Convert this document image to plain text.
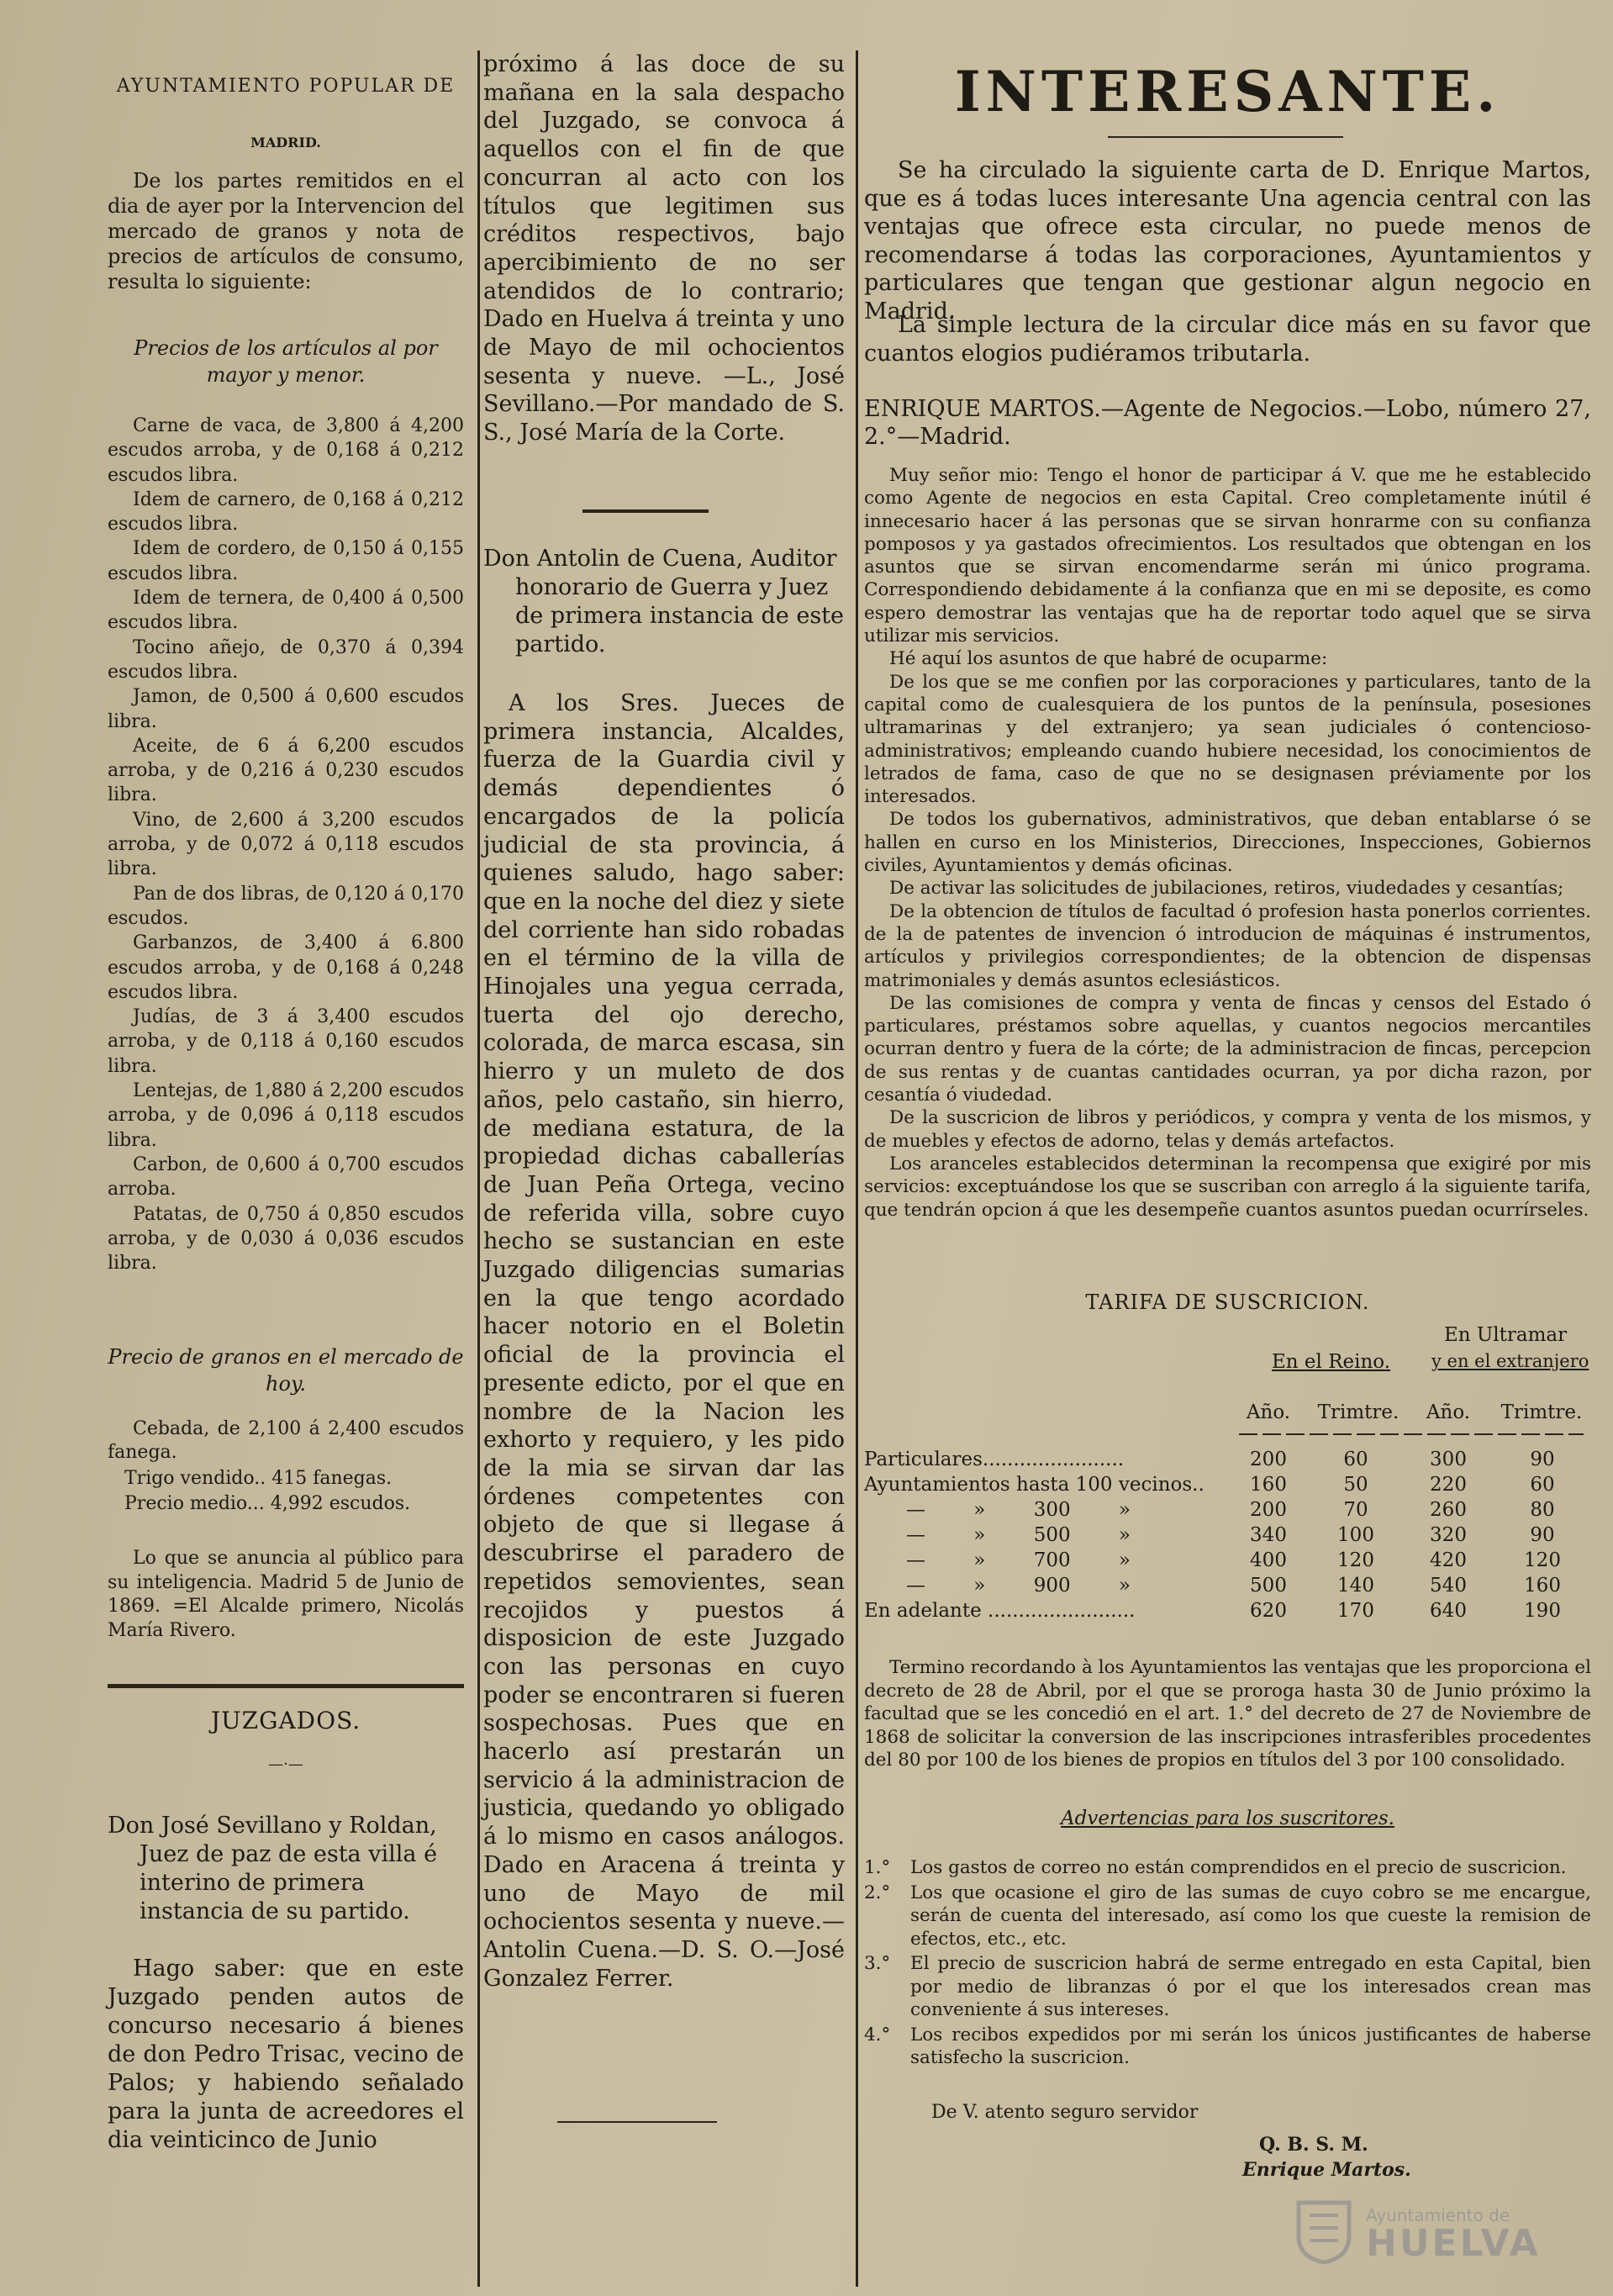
AYUNTAMIENTO POPULAR DE
MADRID.

De los partes remitidos en el dia de ayer por la Intervencion del mercado de granos y nota de precios de artículos de consumo, resulta lo siguiente:

Precios de los artículos al por mayor y menor.

Carne de vaca, de 3,800 á 4,200 escudos arroba, y de 0,168 á 0,212 escudos libra.

Idem de carnero, de 0,168 á 0,212 escudos libra.

Idem de cordero, de 0,150 á 0,155 escudos libra.

Idem de ternera, de 0,400 á 0,500 escudos libra.

Tocino añejo, de 0,370 á 0,394 escudos libra.

Jamon, de 0,500 á 0,600 escudos libra.

Aceite, de 6 á 6,200 escudos arroba, y de 0,216 á 0,230 escudos libra.

Vino, de 2,600 á 3,200 escudos arroba, y de 0,072 á 0,118 escudos libra.

Pan de dos libras, de 0,120 á 0,170 escudos.

Garbanzos, de 3,400 á 6.800 escudos arroba, y de 0,168 á 0,248 escudos libra.

Judías, de 3 á 3,400 escudos arroba, y de 0,118 á 0,160 escudos libra.

Lentejas, de 1,880 á 2,200 escudos arroba, y de 0,096 á 0,118 escudos libra.

Carbon, de 0,600 á 0,700 escudos arroba.

Patatas, de 0,750 á 0,850 escudos arroba, y de 0,030 á 0,036 escudos libra.

Precio de granos en el mercado de hoy.

Cebada, de 2,100 á 2,400 escudos fanega.

Trigo vendido.. 415 fanegas.

Precio medio... 4,992 escudos.

Lo que se anuncia al público para su inteligencia. Madrid 5 de Junio de 1869. =El Alcalde primero, Nicolás María Rivero.

JUZGADOS.

—·—

Don José Sevillano y Roldan, Juez de paz de esta villa é interino de primera instancia de su partido.

Hago saber: que en este Juzgado penden autos de concurso necesario á bienes de don Pedro Trisac, vecino de Palos; y habiendo señalado para la junta de acreedores el dia veinticinco de Junio

próximo á las doce de su mañana en la sala despacho del Juzgado, se convoca á aquellos con el fin de que concurran al acto con los títulos que legitimen sus créditos respectivos, bajo apercibimiento de no ser atendidos de lo contrario; Dado en Huelva á treinta y uno de Mayo de mil ochocientos sesenta y nueve. —L., José Sevillano.—Por mandado de S. S., José María de la Corte.

Don Antolin de Cuena, Auditor honorario de Guerra y Juez de primera instancia de este partido.

A los Sres. Jueces de primera instancia, Alcaldes, fuerza de la Guardia civil y demás dependientes ó encargados de la policía judicial de sta provincia, á quienes saludo, hago saber: que en la noche del diez y siete del corriente han sido robadas en el término de la villa de Hinojales una yegua cerrada, tuerta del ojo derecho, colorada, de marca escasa, sin hierro y un muleto de dos años, pelo castaño, sin hierro, de mediana estatura, de la propiedad dichas caballerías de Juan Peña Ortega, vecino de referida villa, sobre cuyo hecho se sustancian en este Juzgado diligencias sumarias en la que tengo acordado hacer notorio en el Boletin oficial de la provincia el presente edicto, por el que en nombre de la Nacion les exhorto y requiero, y les pido de la mia se sirvan dar las órdenes competentes con objeto de que si llegase á descubrirse el paradero de repetidos semovientes, sean recojidos y puestos á disposicion de este Juzgado con las personas en cuyo poder se encontraren si fueren sospechosas. Pues que en hacerlo así prestarán un servicio á la administracion de justicia, quedando yo obligado á lo mismo en casos análogos. Dado en Aracena á treinta y uno de Mayo de mil ochocientos sesenta y nueve.—Antolin Cuena.—D. S. O.—José Gonzalez Ferrer.

INTERESANTE.

Se ha circulado la siguiente carta de D. Enrique Martos, que es á todas luces interesante Una agencia central con las ventajas que ofrece esta circular, no puede menos de recomendarse á todas las corporaciones, Ayuntamientos y particulares que tengan que gestionar algun negocio en Madrid.

La simple lectura de la circular dice más en su favor que cuantos elogios pudiéramos tributarla.

ENRIQUE MARTOS.—Agente de Negocios.—Lobo, número 27, 2.°—Madrid.

Muy señor mio: Tengo el honor de participar á V. que me he establecido como Agente de negocios en esta Capital. Creo completamente inútil é innecesario hacer á las personas que se sirvan honrarme con su confianza pomposos y ya gastados ofrecimientos. Los resultados que obtengan en los asuntos que se sirvan encomendarme serán mi único programa. Correspondiendo debidamente á la confianza que en mi se deposite, es como espero demostrar las ventajas que ha de reportar todo aquel que se sirva utilizar mis servicios.

Hé aquí los asuntos de que habré de ocuparme:

De los que se me confien por las corporaciones y particulares, tanto de la capital como de cualesquiera de los puntos de la península, posesiones ultramarinas y del extranjero; ya sean judiciales ó contencioso-administrativos; empleando cuando hubiere necesidad, los conocimientos de letrados de fama, caso de que no se designasen préviamente por los interesados.

De todos los gubernativos, administrativos, que deban entablarse ó se hallen en curso en los Ministerios, Direcciones, Inspecciones, Gobiernos civiles, Ayuntamientos y demás oficinas.

De activar las solicitudes de jubilaciones, retiros, viudedades y cesantías;

De la obtencion de títulos de facultad ó profesion hasta ponerlos corrientes. de la de patentes de invencion ó introducion de máquinas é instrumentos, artículos y privilegios correspondientes; de la obtencion de dispensas matrimoniales y demás asuntos eclesiásticos.

De las comisiones de compra y venta de fincas y censos del Estado ó particulares, préstamos sobre aquellas, y cuantos negocios mercantiles ocurran dentro y fuera de la córte; de la administracion de fincas, percepcion de sus rentas y de cuantas cantidades ocurran, ya por dicha razon, por cesantía ó viudedad.

De la suscricion de libros y periódicos, y compra y venta de los mismos, y de muebles y efectos de adorno, telas y demás artefactos.

Los aranceles establecidos determinan la recompensa que exigiré por mis servicios: exceptuándose los que se suscriban con arreglo á la siguiente tarifa, que tendrán opcion á que les desempeñe cuantos asuntos puedan ocurrírseles.

TARIFA DE SUSCRICION.

En Ultramar

En el Reino. y en el extranjero

Año.	Trimtre.	Año.	Trimtre.
Particulares.......................	200	60	300	90
Ayuntamientos hasta 100 vecinos..	160	50	220	60
— » 300 »	200	70	260	80
— » 500 »	340	100	320	90
— » 700 »	400	120	420	120
— » 900 »	500	140	540	160
En adelante ........................	620	170	640	190

Termino recordando à los Ayuntamientos las ventajas que les proporciona el decreto de 28 de Abril, por el que se proroga hasta 30 de Junio próximo la facultad que se les concedió en el art. 1.° del decreto de 27 de Noviembre de 1868 de solicitar la conversion de las inscripciones intrasferibles procedentes del 80 por 100 de los bienes de propios en títulos del 3 por 100 consolidado.

Advertencias para los suscritores.

1.°	Los gastos de correo no están comprendidos en el precio de suscricion.
2.°	Los que ocasione el giro de las sumas de cuyo cobro se me encargue, serán de cuenta del interesado, así como los que cueste la remision de efectos, etc., etc.
3.°	El precio de suscricion habrá de serme entregado en esta Capital, bien por medio de libranzas ó por el que los interesados crean mas conveniente á sus intereses.
4.°	Los recibos expedidos por mi serán los únicos justificantes de haberse satisfecho la suscricion.

De V. atento seguro servidor

Q. B. S. M.

Enrique Martos.

Ayuntamiento de
HUELVA
